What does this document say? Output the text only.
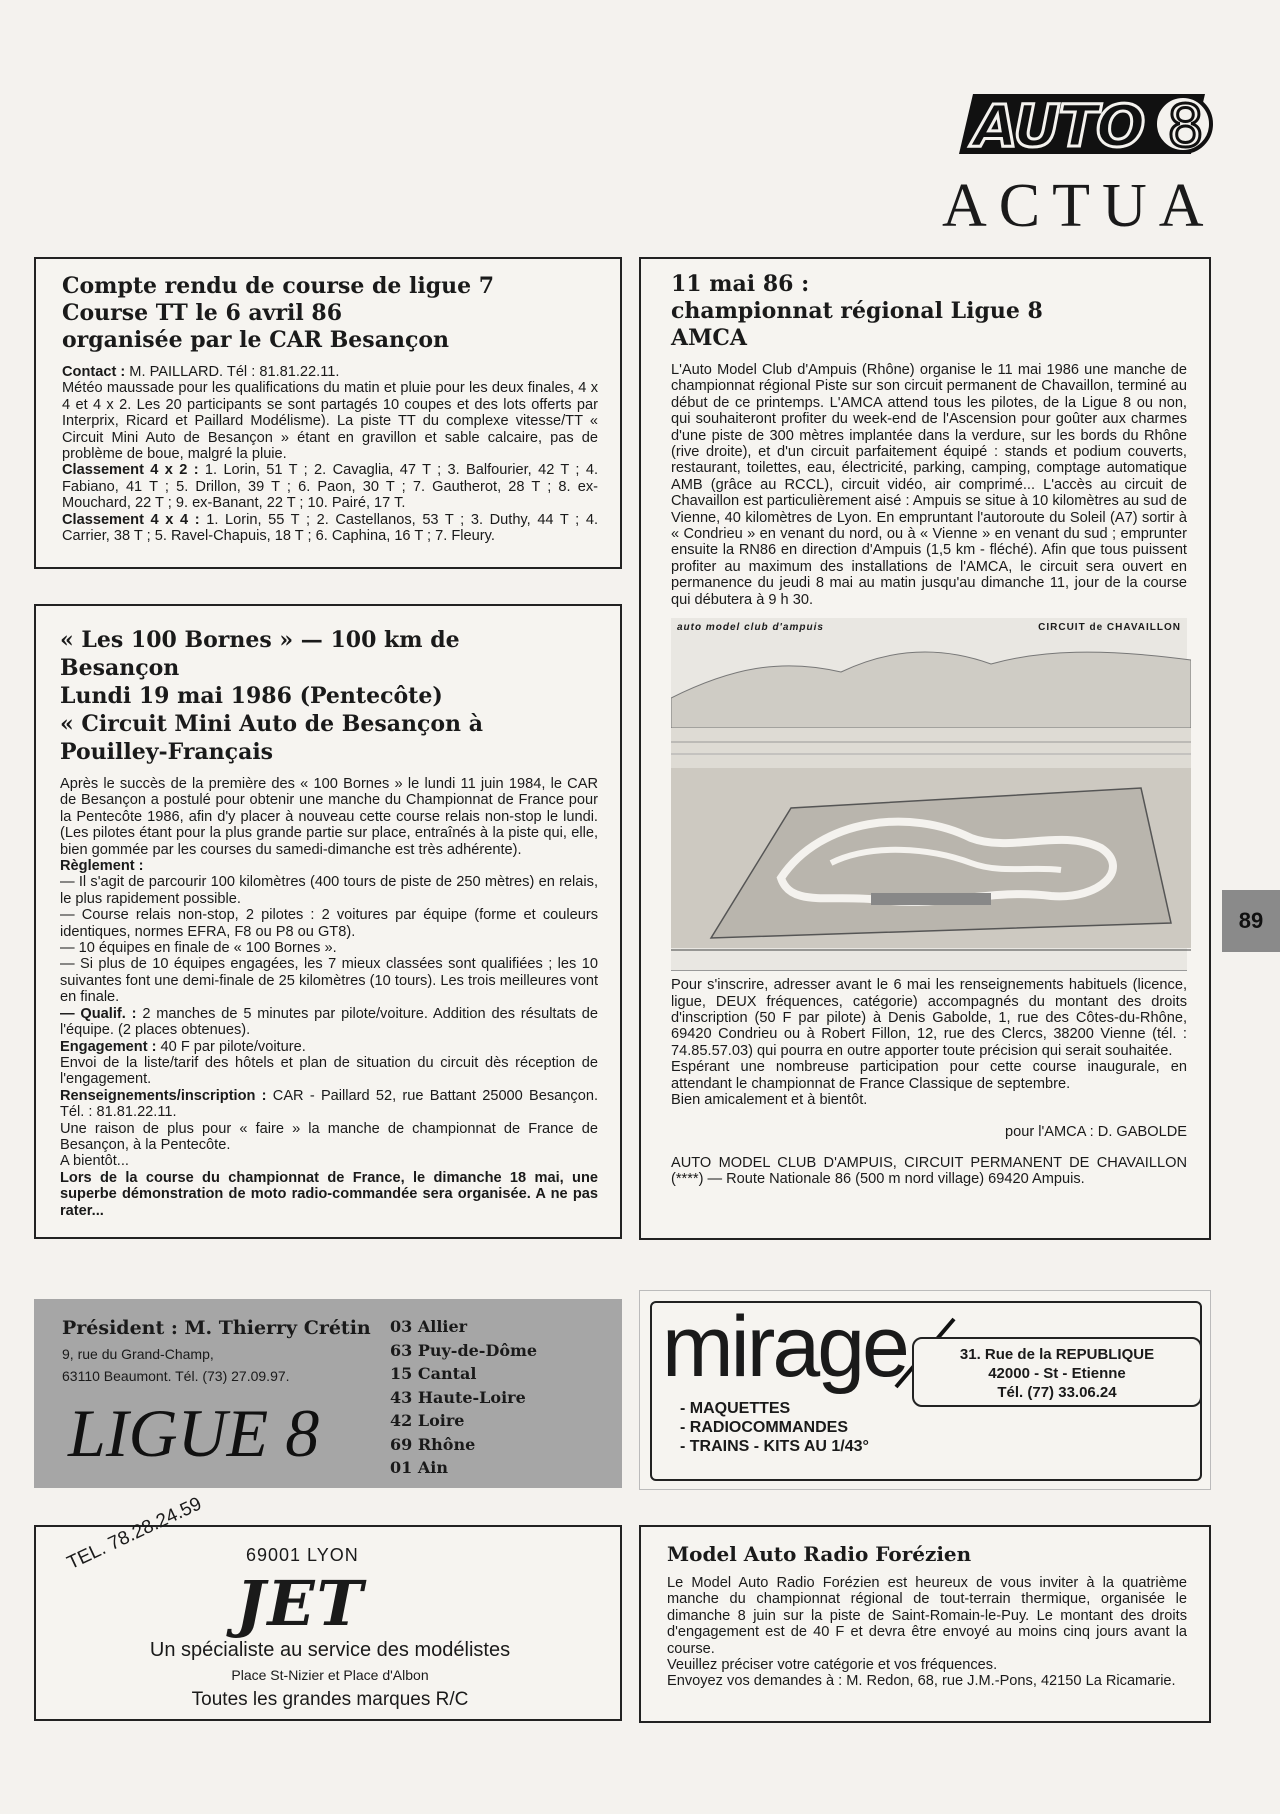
AUTO 8
ACTUA
89
Compte rendu de course de ligue 7
Course TT le 6 avril 86
organisée par le CAR Besançon

Contact : M. PAILLARD. Tél : 81.81.22.11.

Météo maussade pour les qualifications du matin et pluie pour les deux finales, 4 x 4 et 4 x 2. Les 20 participants se sont partagés 10 coupes et des lots offerts par Interprix, Ricard et Paillard Modélisme). La piste TT du complexe vitesse/TT « Circuit Mini Auto de Besançon » étant en gravillon et sable calcaire, pas de problème de boue, malgré la pluie.

Classement 4 x 2 : 1. Lorin, 51 T ; 2. Cavaglia, 47 T ; 3. Balfourier, 42 T ; 4. Fabiano, 41 T ; 5. Drillon, 39 T ; 6. Paon, 30 T ; 7. Gautherot, 28 T ; 8. ex-Mouchard, 22 T ; 9. ex-Banant, 22 T ; 10. Pairé, 17 T.

Classement 4 x 4 : 1. Lorin, 55 T ; 2. Castellanos, 53 T ; 3. Duthy, 44 T ; 4. Carrier, 38 T ; 5. Ravel-Chapuis, 18 T ; 6. Caphina, 16 T ; 7. Fleury.

« Les 100 Bornes » — 100 km de
Besançon
Lundi 19 mai 1986 (Pentecôte)
« Circuit Mini Auto de Besançon à
Pouilley-Français

Après le succès de la première des « 100 Bornes » le lundi 11 juin 1984, le CAR de Besançon a postulé pour obtenir une manche du Championnat de France pour la Pentecôte 1986, afin d'y placer à nouveau cette course relais non-stop le lundi. (Les pilotes étant pour la plus grande partie sur place, entraînés à la piste qui, elle, bien gommée par les courses du samedi-dimanche est très adhérente).

Règlement :

— Il s'agit de parcourir 100 kilomètres (400 tours de piste de 250 mètres) en relais, le plus rapidement possible.

— Course relais non-stop, 2 pilotes : 2 voitures par équipe (forme et couleurs identiques, normes EFRA, F8 ou P8 ou GT8).

— 10 équipes en finale de « 100 Bornes ».

— Si plus de 10 équipes engagées, les 7 mieux classées sont qualifiées ; les 10 suivantes font une demi-finale de 25 kilomètres (10 tours). Les trois meilleures vont en finale.

— Qualif. : 2 manches de 5 minutes par pilote/voiture. Addition des résultats de l'équipe. (2 places obtenues).

Engagement : 40 F par pilote/voiture.

Envoi de la liste/tarif des hôtels et plan de situation du circuit dès réception de l'engagement.

Renseignements/inscription : CAR - Paillard 52, rue Battant 25000 Besançon. Tél. : 81.81.22.11.

Une raison de plus pour « faire » la manche de championnat de France de Besançon, à la Pentecôte.

A bientôt...

Lors de la course du championnat de France, le dimanche 18 mai, une superbe démonstration de moto radio-commandée sera organisée. A ne pas rater...

11 mai 86 :
championnat régional Ligue 8
AMCA

L'Auto Model Club d'Ampuis (Rhône) organise le 11 mai 1986 une manche de championnat régional Piste sur son circuit permanent de Chavaillon, terminé au début de ce printemps. L'AMCA attend tous les pilotes, de la Ligue 8 ou non, qui souhaiteront profiter du week-end de l'Ascension pour goûter aux charmes d'une piste de 300 mètres implantée dans la verdure, sur les bords du Rhône (rive droite), et d'un circuit parfaitement équipé : stands et podium couverts, restaurant, toilettes, eau, électricité, parking, camping, comptage automatique AMB (grâce au RCCL), circuit vidéo, air comprimé... L'accès au circuit de Chavaillon est particulièrement aisé : Ampuis se situe à 10 kilomètres au sud de Vienne, 40 kilomètres de Lyon. En empruntant l'autoroute du Soleil (A7) sortir à « Condrieu » en venant du nord, ou à « Vienne » en venant du sud ; emprunter ensuite la RN86 en direction d'Ampuis (1,5 km - fléché). Afin que tous puissent profiter au maximum des installations de l'AMCA, le circuit sera ouvert en permanence du jeudi 8 mai au matin jusqu'au dimanche 11, jour de la course qui débutera à 9 h 30.

auto model club d'ampuis	CIRCUIT de CHAVAILLON

Pour s'inscrire, adresser avant le 6 mai les renseignements habituels (licence, ligue, DEUX fréquences, catégorie) accompagnés du montant des droits d'inscription (50 F par pilote) à Denis Gabolde, 1, rue des Côtes-du-Rhône, 69420 Condrieu ou à Robert Fillon, 12, rue des Clercs, 38200 Vienne (tél. : 74.85.57.03) qui pourra en outre apporter toute précision qui serait souhaitée.

Espérant une nombreuse participation pour cette course inaugurale, en attendant le championnat de France Classique de septembre.

Bien amicalement et à bientôt.

pour l'AMCA : D. GABOLDE

AUTO MODEL CLUB D'AMPUIS, CIRCUIT PERMANENT DE CHAVAILLON (****) — Route Nationale 86 (500 m nord village) 69420 Ampuis.

Président : M. Thierry Crétin
9, rue du Grand-Champ,
63110 Beaumont. Tél. (73) 27.09.97.
LIGUE 8
03 Allier
63 Puy-de-Dôme
15 Cantal
43 Haute-Loire
42 Loire
69 Rhône
01 Ain
mirage
- MAQUETTES
- RADIOCOMMANDES
- TRAINS - KITS AU 1/43°
31. Rue de la REPUBLIQUE
42000 - St - Etienne
Tél. (77) 33.06.24
TEL. 78.28.24.59 69001 LYON
JET
Un spécialiste au service des modélistes
Place St-Nizier et Place d'Albon
Toutes les grandes marques R/C
Model Auto Radio Forézien

Le Model Auto Radio Forézien est heureux de vous inviter à la quatrième manche du championnat régional de tout-terrain thermique, organisée le dimanche 8 juin sur la piste de Saint-Romain-le-Puy. Le montant des droits d'engagement est de 40 F et devra être envoyé au moins cinq jours avant la course.

Veuillez préciser votre catégorie et vos fréquences.

Envoyez vos demandes à : M. Redon, 68, rue J.M.-Pons, 42150 La Ricamarie.
